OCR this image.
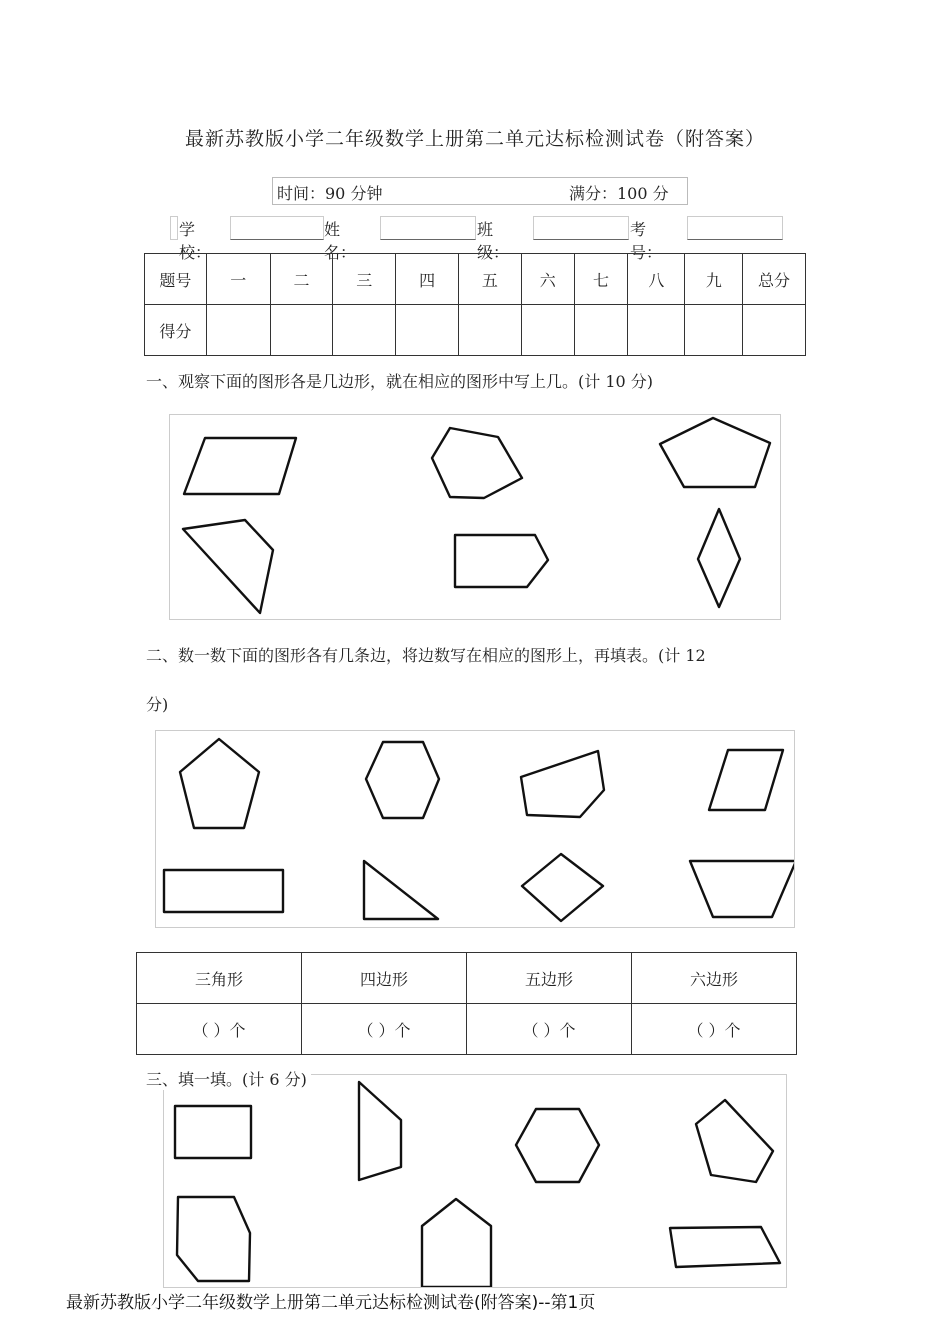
最新苏教版小学二年级数学上册第二单元达标检测试卷（附答案）
时间：90 分钟	满分：100 分
学校：
姓名：
班级：
考号：
题号	一	二	三	四	五	六	七	八	九	总分
得分										
一、观察下面的图形各是几边形，就在相应的图形中写上几。(计 10 分)
二、数一数下面的图形各有几条边，将边数写在相应的图形上，再填表。(计 12
分)
三角形	四边形	五边形	六边形
（ ）个	（ ）个	（ ）个	（ ）个
三、填一填。(计 6 分)
最新苏教版小学二年级数学上册第二单元达标检测试卷(附答案)--第1页
